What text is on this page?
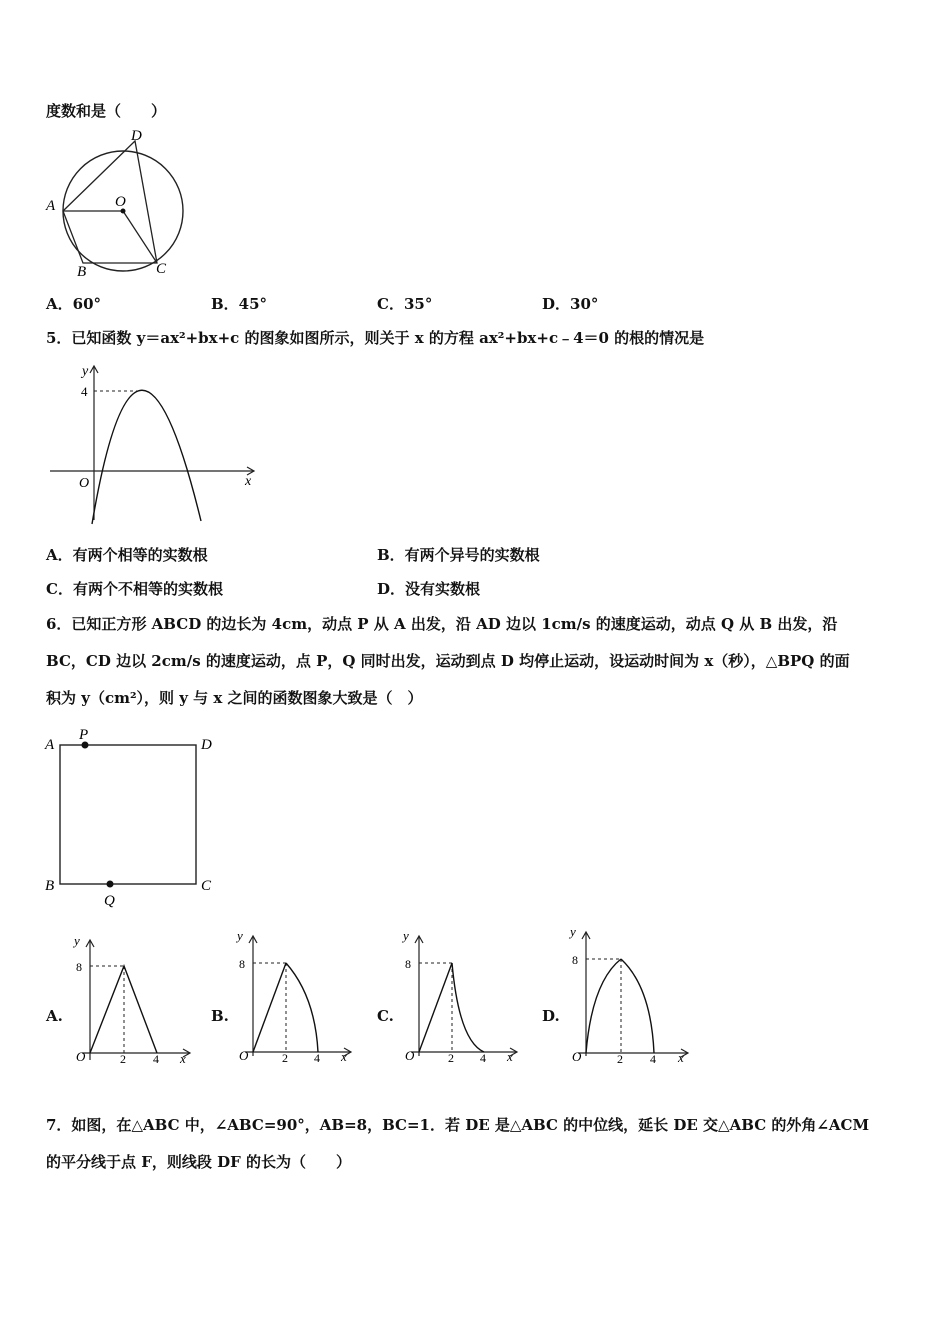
度数和是（　　）
A
B	C
D
O
A．60°	B．45°	C．35°	D．30°
5．已知函数 y＝ax²+bx+c 的图象如图所示，则关于 x 的方程 ax²+bx+c﹣4＝0 的根的情况是
y
x
O
4
A．有两个相等的实数根	B．有两个异号的实数根
C．有两个不相等的实数根	D．没有实数根
6．已知正方形 ABCD 的边长为 4cm，动点 P 从 A 出发，沿 AD 边以 1cm/s 的速度运动，动点 Q 从 B 出发，沿
BC，CD 边以 2cm/s 的速度运动，点 P，Q 同时出发，运动到点 D 均停止运动，设运动时间为 x（秒），△BPQ 的面
积为 y（cm²），则 y 与 x 之间的函数图象大致是（　）
A
P
D
B
Q
C
A.
y
x
O
8
2 4
B.
y
x
O
8
2 4
C.
y
x
O
8
2 4
D.
y
x
O
8
2 4
7．如图，在△ABC 中，∠ABC=90°，AB=8，BC=1．若 DE 是△ABC 的中位线，延长 DE 交△ABC 的外角∠ACM
的平分线于点 F，则线段 DF 的长为（　　）
